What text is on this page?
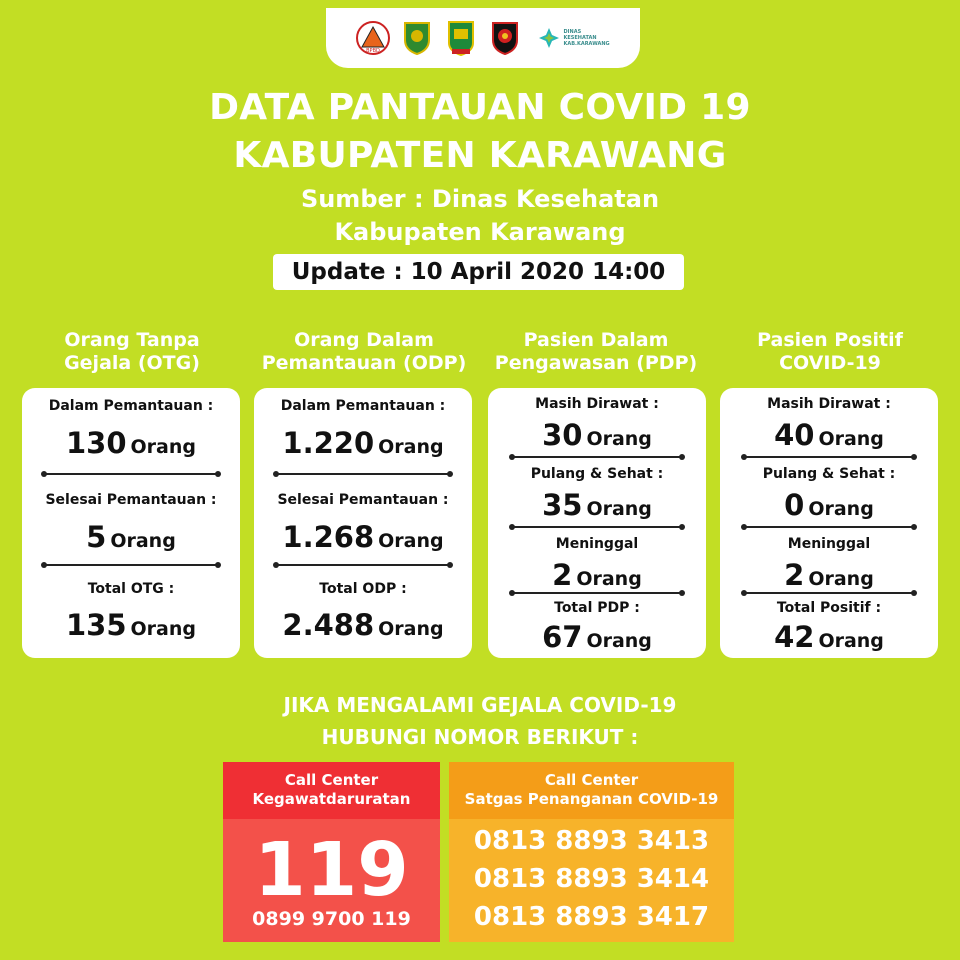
BPBD
DINAS KESEHATAN KAB.KARAWANG
DATA PANTAUAN COVID 19
KABUPATEN KARAWANG
Sumber : Dinas Kesehatan
Kabupaten Karawang
Update : 10 April 2020 14:00
Orang Tanpa
Gejala (OTG)
Orang Dalam
Pemantauan (ODP)
Pasien Dalam
Pengawasan (PDP)
Pasien Positif
COVID-19
Dalam Pemantauan :
130 Orang
Selesai Pemantauan :
5 Orang
Total OTG :
135 Orang
Dalam Pemantauan :
1.220 Orang
Selesai Pemantauan :
1.268 Orang
Total ODP :
2.488 Orang
Masih Dirawat :
30 Orang
Pulang & Sehat :
35 Orang
Meninggal
2 Orang
Total PDP :
67 Orang
Masih Dirawat :
40 Orang
Pulang & Sehat :
0 Orang
Meninggal
2 Orang
Total Positif :
42 Orang
JIKA MENGALAMI GEJALA COVID-19
HUBUNGI NOMOR BERIKUT :
Call Center
Kegawatdaruratan
119
0899 9700 119
Call Center
Satgas Penanganan COVID-19
0813 8893 3413
0813 8893 3414
0813 8893 3417
